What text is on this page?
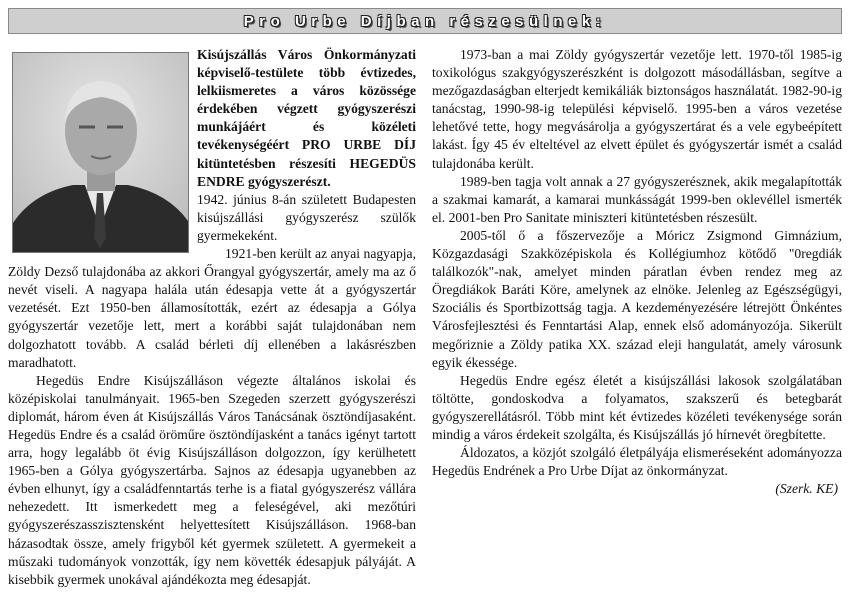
Pro Urbe Díjban részesülnek:

Kisújszállás Város Önkormányzati képviselő-testülete több évtizedes, lelkiismeretes a város közössége érdekében végzett gyógyszerészi munkájáért és közéleti tevékenységéért PRO URBE DÍJ kitüntetésben részesíti HEGEDÜS ENDRE gyógyszerészt.

1942. június 8-án született Budapesten kisújszállási gyógyszerész szülők gyermekeként.

1921-ben került az anyai nagyapja, Zöldy Dezső tulajdonába az akkori Őrangyal gyógyszertár, amely ma az ő nevét viseli. A nagyapa halála után édesapja vette át a gyógyszertár vezetését. Ezt 1950-ben államosították, ezért az édesapja a Gólya gyógyszertár vezetője lett, mert a korábbi saját tulajdonában nem dolgozhatott tovább. A család bérleti díj ellenében a lakásrészben maradhatott.

Hegedüs Endre Kisújszálláson végezte általános iskolai és középiskolai tanulmányait. 1965-ben Szegeden szerzett gyógyszerészi diplomát, három éven át Kisújszállás Város Tanácsának ösztöndíjasaként. Hegedüs Endre és a család öröműre ösztöndíjasként a tanács igényt tartott arra, hogy legalább öt évig Kisújszálláson dolgozzon, így kerülhetett 1965-ben a Gólya gyógyszertárba. Sajnos az édesapja ugyanebben az évben elhunyt, így a családfenntartás terhe is a fiatal gyógyszerész vállára nehezedett. Itt ismerkedett meg a feleségével, aki mezőtúri gyógyszerészasszisztensként helyettesített Kisújszálláson. 1968-ban házasodtak össze, amely frigyből két gyermek született. A gyermekeit a műszaki tudományok vonzották, így nem követték édesapjuk pályáját. A kisebbik gyermek unokával ajándékozta meg édesapját.

1973-ban a mai Zöldy gyógyszertár vezetője lett. 1970-től 1985-ig toxikológus szakgyógyszerészként is dolgozott másodállásban, segítve a mezőgazdaságban elterjedt kemikáliák biztonságos használatát. 1982-90-ig tanácstag, 1990-98-ig települési képviselő. 1995-ben a város vezetése lehetővé tette, hogy megvásárolja a gyógyszertárat és a vele egybeépített lakást. Így 45 év elteltével az elvett épület és gyógyszertár ismét a család tulajdonába került.

1989-ben tagja volt annak a 27 gyógyszerésznek, akik megalapították a szakmai kamarát, a kamarai munkásságát 1999-ben oklevéllel ismerték el. 2001-ben Pro Sanitate miniszteri kitüntetésben részesült.

2005-től ő a főszervezője a Móricz Zsigmond Gimnázium, Közgazdasági Szakközépiskola és Kollégiumhoz kötődő "0regdiák találkozók"-nak, amelyet minden páratlan évben rendez meg az Öregdiákok Baráti Köre, amelynek az elnöke. Jelenleg az Egészségügyi, Szociális és Sportbizottság tagja. A kezdeményezésére létrejött Önkéntes Városfejlesztési és Fenntartási Alap, ennek első adományozója. Sikerült megőriznie a Zöldy patika XX. század eleji hangulatát, amely városunk egyik ékessége.

Hegedüs Endre egész életét a kisújszállási lakosok szolgálatában töltötte, gondoskodva a folyamatos, szakszerű és betegbarát gyógyszerellátásról. Több mint két évtizedes közéleti tevékenysége során mindig a város érdekeit szolgálta, és Kisújszállás jó hírnevét öregbítette.

Áldozatos, a közjót szolgáló életpályája elismeréseként adományozza Hegedüs Endrének a Pro Urbe Díjat az önkormányzat.

(Szerk. KE)
